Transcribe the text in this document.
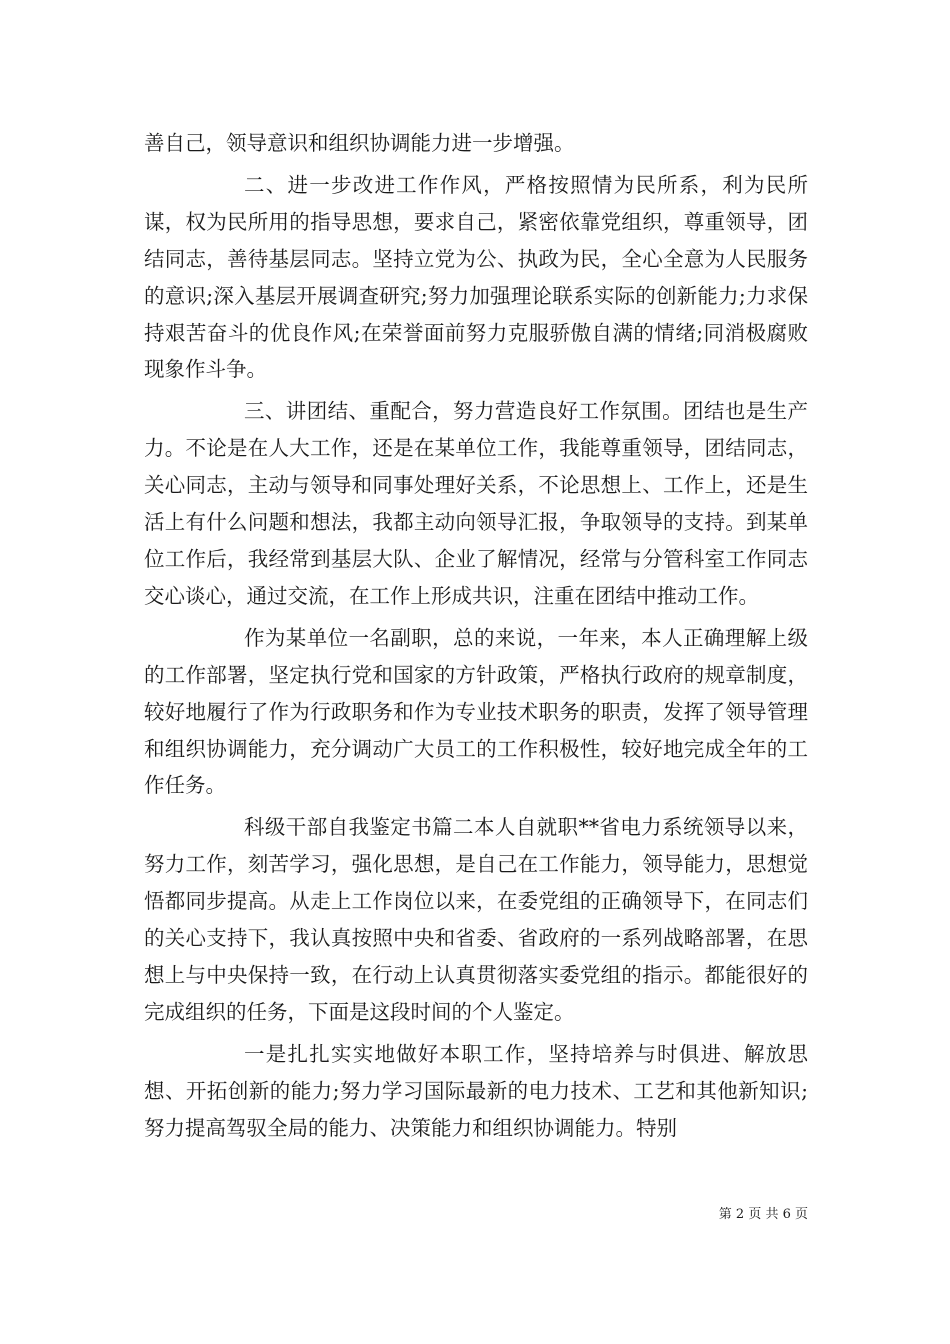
善自己，领导意识和组织协调能力进一步增强。

二、进一步改进工作作风，严格按照情为民所系，利为民所谋，权为民所用的指导思想，要求自己，紧密依靠党组织，尊重领导，团结同志，善待基层同志。坚持立党为公、执政为民，全心全意为人民服务的意识;深入基层开展调查研究;努力加强理论联系实际的创新能力;力求保持艰苦奋斗的优良作风;在荣誉面前努力克服骄傲自满的情绪;同消极腐败现象作斗争。

三、讲团结、重配合，努力营造良好工作氛围。团结也是生产力。不论是在人大工作，还是在某单位工作，我能尊重领导，团结同志，关心同志，主动与领导和同事处理好关系，不论思想上、工作上，还是生活上有什么问题和想法，我都主动向领导汇报，争取领导的支持。到某单位工作后，我经常到基层大队、企业了解情况，经常与分管科室工作同志交心谈心，通过交流，在工作上形成共识，注重在团结中推动工作。

作为某单位一名副职，总的来说，一年来，本人正确理解上级的工作部署，坚定执行党和国家的方针政策，严格执行政府的规章制度，较好地履行了作为行政职务和作为专业技术职务的职责，发挥了领导管理和组织协调能力，充分调动广大员工的工作积极性，较好地完成全年的工作任务。

科级干部自我鉴定书篇二本人自就职**省电力系统领导以来，努力工作，刻苦学习，强化思想，是自己在工作能力，领导能力，思想觉悟都同步提高。从走上工作岗位以来，在委党组的正确领导下，在同志们的关心支持下，我认真按照中央和省委、省政府的一系列战略部署，在思想上与中央保持一致，在行动上认真贯彻落实委党组的指示。都能很好的完成组织的任务，下面是这段时间的个人鉴定。

一是扎扎实实地做好本职工作，坚持培养与时俱进、解放思想、开拓创新的能力;努力学习国际最新的电力技术、工艺和其他新知识;努力提高驾驭全局的能力、决策能力和组织协调能力。特别

第 2 页 共 6 页
